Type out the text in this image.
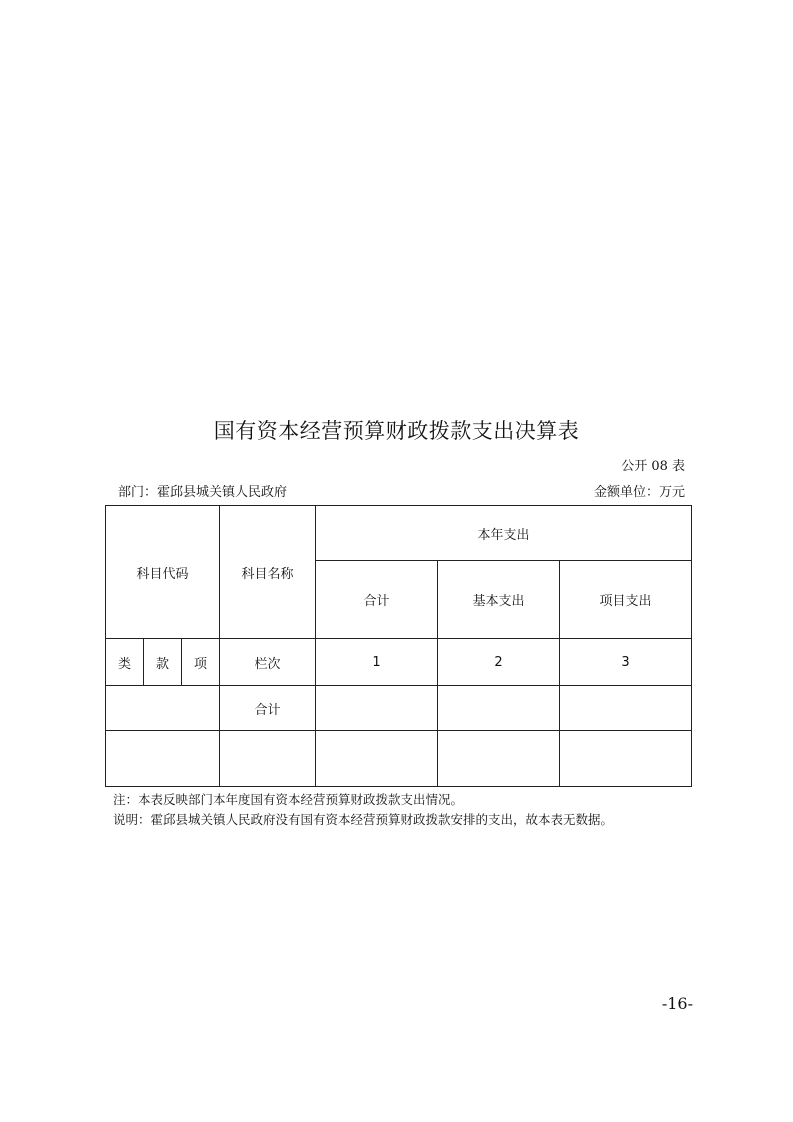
国有资本经营预算财政拨款支出决算表
公开 08 表
部门：霍邱县城关镇人民政府	金额单位：万元
科目代码			科目名称	本年支出		
				合计	基本支出	项目支出
类	款	项	栏次	1	2	3
			合计			

注：本表反映部门本年度国有资本经营预算财政拨款支出情况。
说明：霍邱县城关镇人民政府没有国有资本经营预算财政拨款安排的支出，故本表无数据。
-16-
